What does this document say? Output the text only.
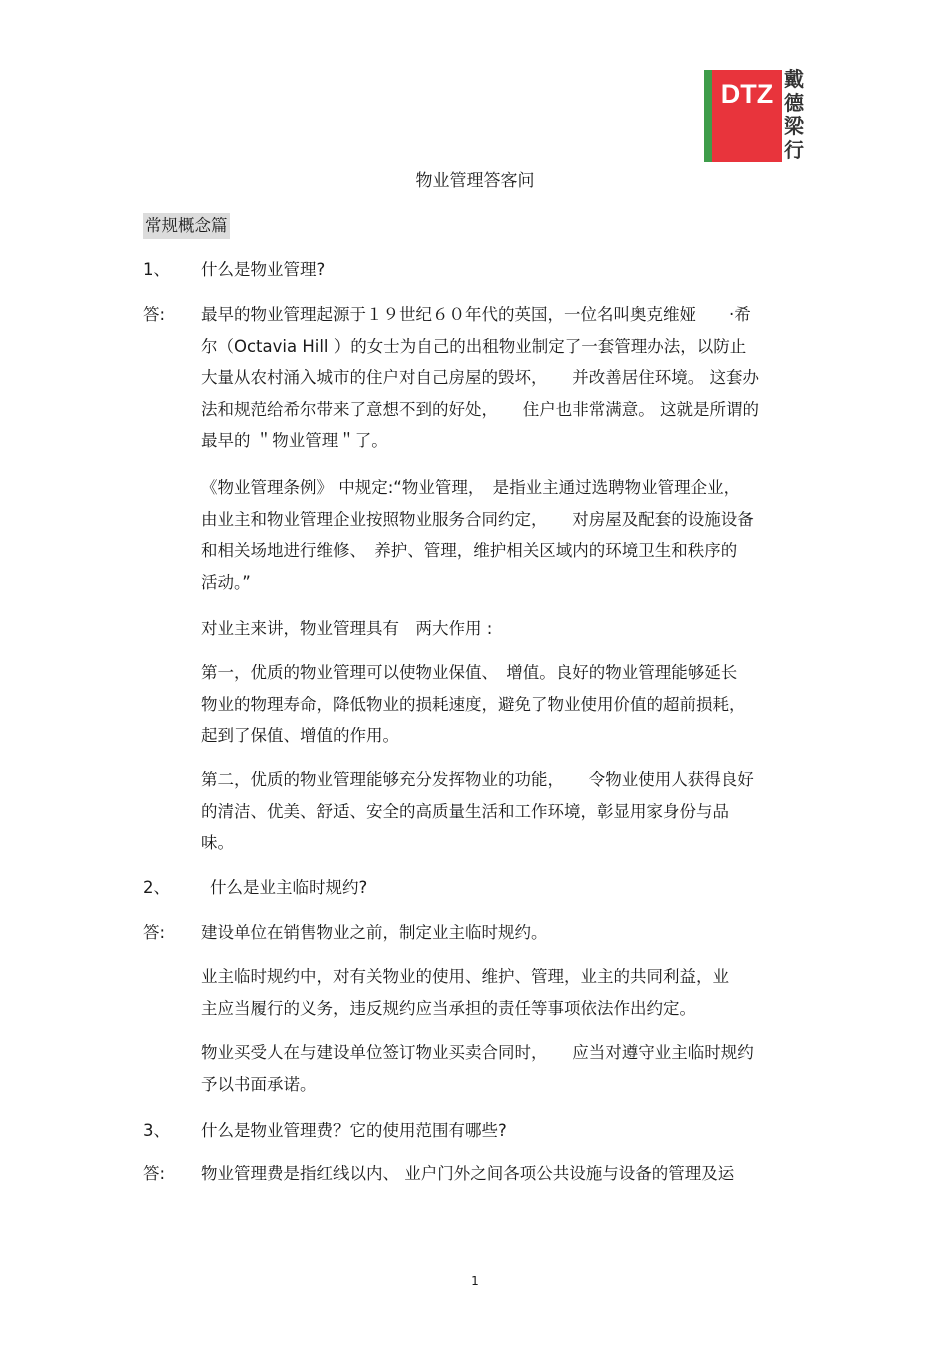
DTZ 戴
德
梁
行
物业管理答客问
常规概念篇
1、 什么是物业管理?
答: 最早的物业管理起源于１９世纪６０年代的英国，一位名叫奥克维娅　　·希
尔（Octavia Hill ）的女士为自己的出租物业制定了一套管理办法，以防止
大量从农村涌入城市的住户对自己房屋的毁坏，　　并改善居住环境。 这套办
法和规范给希尔带来了意想不到的好处，　　住户也非常满意。 这就是所谓的
最早的 ＂物业管理＂了。
《物业管理条例》 中规定:“物业管理，　是指业主通过选聘物业管理企业，
由业主和物业管理企业按照物业服务合同约定，　　对房屋及配套的设施设备
和相关场地进行维修、　养护、管理，维护相关区域内的环境卫生和秩序的
活动。”
对业主来讲，物业管理具有　两大作用 :
第一，优质的物业管理可以使物业保值、　增值。良好的物业管理能够延长
物业的物理寿命，降低物业的损耗速度，避免了物业使用价值的超前损耗，
起到了保值、增值的作用。
第二，优质的物业管理能够充分发挥物业的功能，　　令物业使用人获得良好
的清洁、优美、舒适、安全的高质量生活和工作环境，彰显用家身份与品
味。
2、 什么是业主临时规约?
答: 建设单位在销售物业之前，制定业主临时规约。
业主临时规约中，对有关物业的使用、维护、管理，业主的共同利益，业
主应当履行的义务，违反规约应当承担的责任等事项依法作出约定。
物业买受人在与建设单位签订物业买卖合同时，　　应当对遵守业主临时规约
予以书面承诺。
3、 什么是物业管理费？它的使用范围有哪些?
答: 物业管理费是指红线以内、 业户门外之间各项公共设施与设备的管理及运
1
